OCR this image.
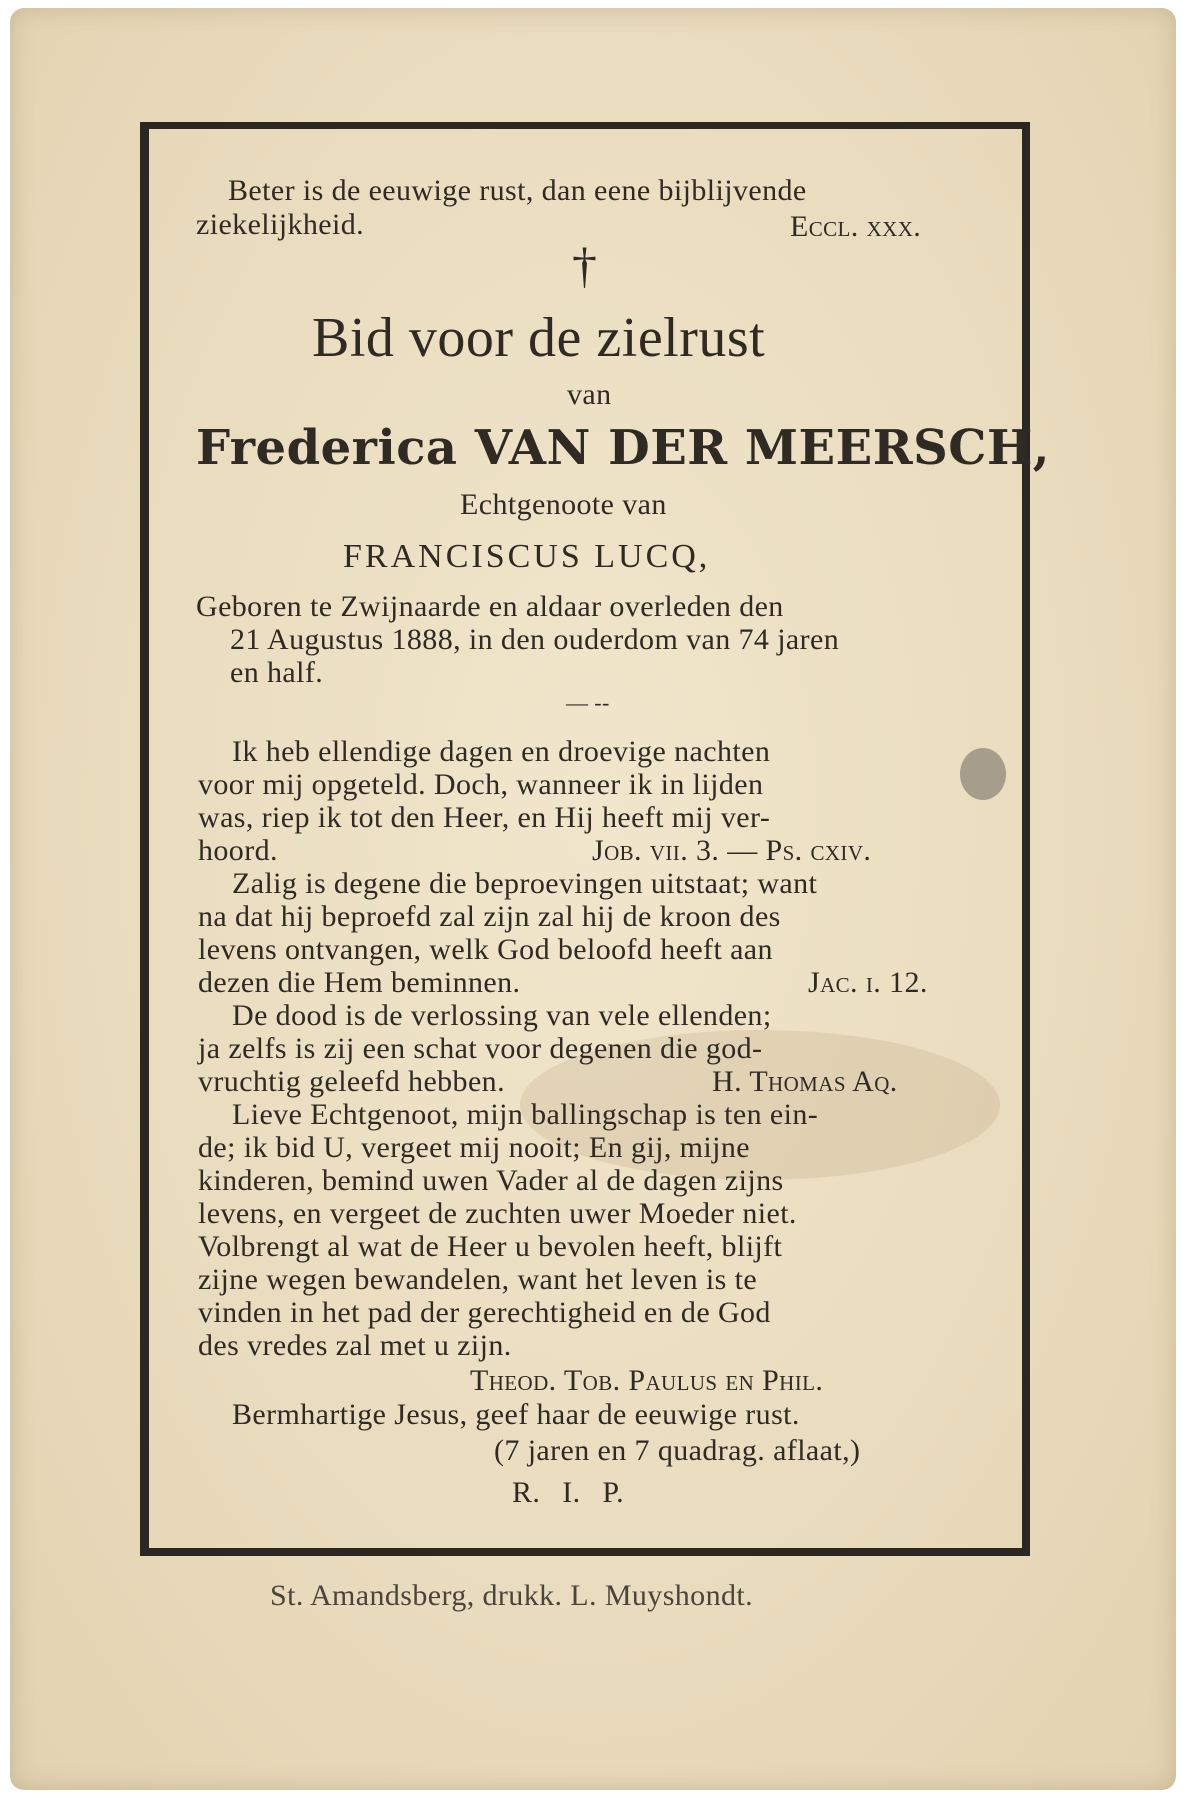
Beter is de eeuwige rust, dan eene bijblijvende
ziekelijkheid.	Eccl. xxx.
†
Bid voor de zielrust
van
Frederica VAN DER MEERSCH,
Echtgenoote van
FRANCISCUS LUCQ,
Geboren te Zwijnaarde en aldaar overleden den
21 Augustus 1888, in den ouderdom van 74 jaren
en half.
— --
Ik heb ellendige dagen en droevige nachten
voor mij opgeteld. Doch, wanneer ik in lijden
was, riep ik tot den Heer, en Hij heeft mij ver-
hoord.	Job. vii. 3. — Ps. cxiv.
Zalig is degene die beproevingen uitstaat; want
na dat hij beproefd zal zijn zal hij de kroon des
levens ontvangen, welk God beloofd heeft aan
dezen die Hem beminnen.	Jac. i. 12.
De dood is de verlossing van vele ellenden;
ja zelfs is zij een schat voor degenen die god-
vruchtig geleefd hebben.	H. Thomas Aq.
Lieve Echtgenoot, mijn ballingschap is ten ein-
de; ik bid U, vergeet mij nooit; En gij, mijne
kinderen, bemind uwen Vader al de dagen zijns
levens, en vergeet de zuchten uwer Moeder niet.
Volbrengt al wat de Heer u bevolen heeft, blijft
zijne wegen bewandelen, want het leven is te
vinden in het pad der gerechtigheid en de God
des vredes zal met u zijn.
Theod. Tob. Paulus en Phil.
Bermhartige Jesus, geef haar de eeuwige rust.
(7 jaren en 7 quadrag. aflaat,)
R. I. P.
St. Amandsberg, drukk. L. Muyshondt.
